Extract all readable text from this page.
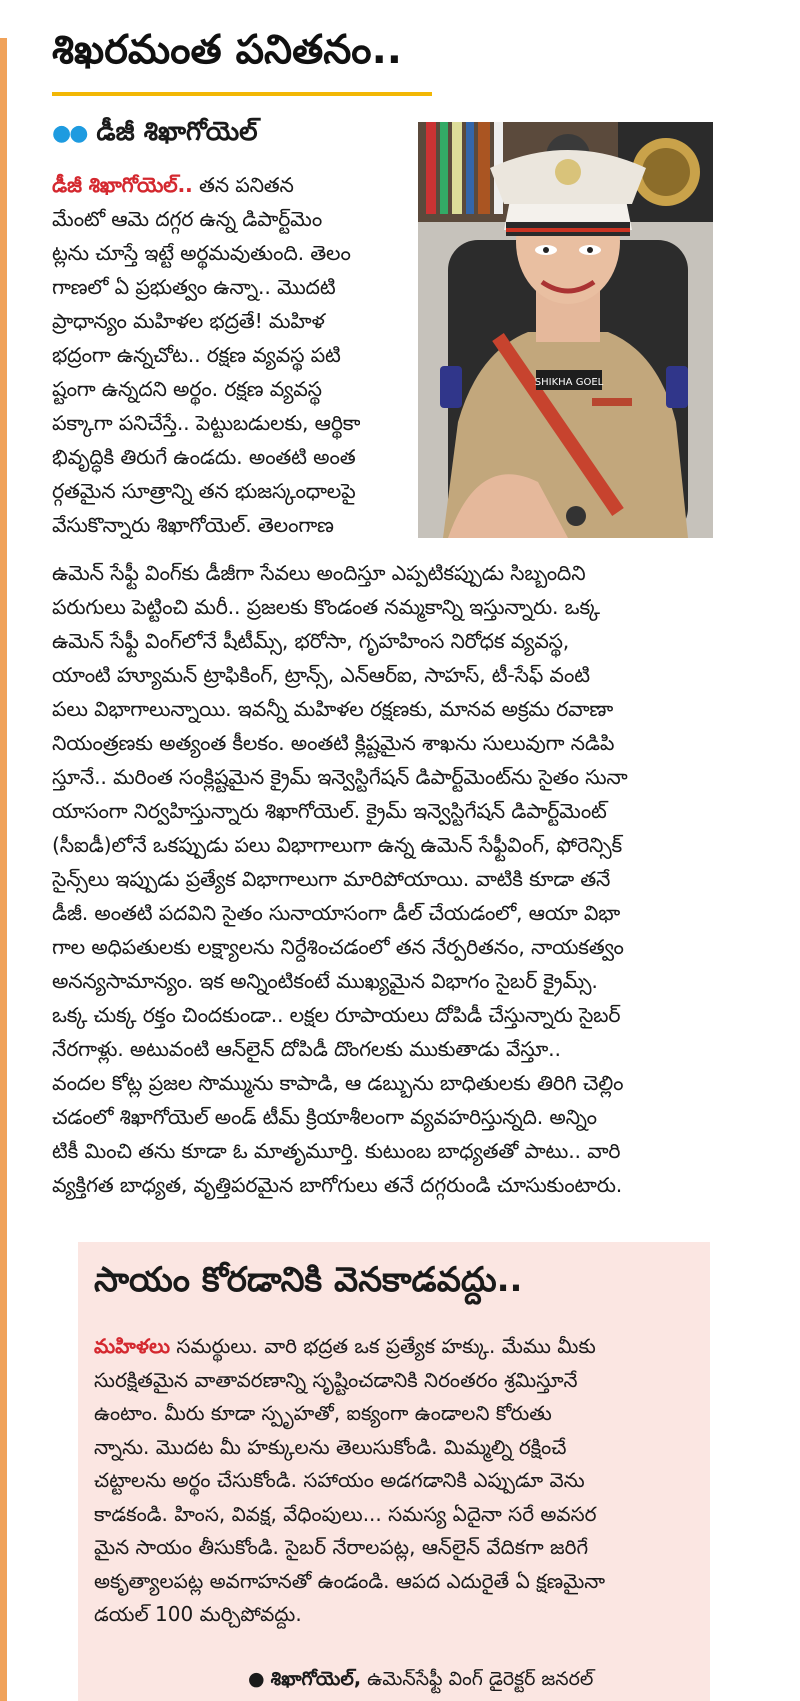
శిఖరమంత పనితనం..
●● డీజీ శిఖాగోయెల్
SHIKHA GOEL
డీజీ శిఖాగోయెల్.. తన పనితన
మేంటో ఆమె దగ్గర ఉన్న డిపార్ట్‌మెం
ట్లను చూస్తే ఇట్టే అర్థమవుతుంది. తెలం
గాణలో ఏ ప్రభుత్వం ఉన్నా.. మొదటి
ప్రాధాన్యం మహిళల భద్రతే! మహిళ
భద్రంగా ఉన్నచోట.. రక్షణ వ్యవస్థ పటి
ష్టంగా ఉన్నదని అర్థం. రక్షణ వ్యవస్థ
పక్కాగా పనిచేస్తే.. పెట్టుబడులకు, ఆర్థికా
భివృద్ధికి తిరుగే ఉండదు. అంతటి అంత
ర్గతమైన సూత్రాన్ని తన భుజస్కంధాలపై
వేసుకొన్నారు శిఖాగోయెల్. తెలంగాణ
ఉమెన్ సేఫ్టీ వింగ్‌కు డీజీగా సేవలు అందిస్తూ ఎప్పటికప్పుడు సిబ్బందిని
పరుగులు పెట్టించి మరీ.. ప్రజలకు కొండంత నమ్మకాన్ని ఇస్తున్నారు. ఒక్క
ఉమెన్ సేఫ్టీ వింగ్‌లోనే షీటీమ్స్, భరోసా, గృహహింస నిరోధక వ్యవస్థ,
యాంటి హ్యూమన్ ట్రాఫికింగ్, ట్రాన్స్, ఎన్ఆర్ఐ, సాహస్, టీ-సేఫ్ వంటి
పలు విభాగాలున్నాయి. ఇవన్నీ మహిళల రక్షణకు, మానవ అక్రమ రవాణా
నియంత్రణకు అత్యంత కీలకం. అంతటి క్లిష్టమైన శాఖను సులువుగా నడిపి
స్తూనే.. మరింత సంక్లిష్టమైన క్రైమ్ ఇన్వెస్టిగేషన్ డిపార్ట్‌మెంట్‌ను సైతం సునా
యాసంగా నిర్వహిస్తున్నారు శిఖాగోయెల్. క్రైమ్ ఇన్వెస్టిగేషన్ డిపార్ట్‌మెంట్
(సీఐడీ)లోనే ఒకప్పుడు పలు విభాగాలుగా ఉన్న ఉమెన్ సేఫ్టీవింగ్, ఫోరెన్సిక్
సైన్స్‌లు ఇప్పుడు ప్రత్యేక విభాగాలుగా మారిపోయాయి. వాటికి కూడా తనే
డీజీ. అంతటి పదవిని సైతం సునాయాసంగా డీల్ చేయడంలో, ఆయా విభా
గాల అధిపతులకు లక్ష్యాలను నిర్దేశించడంలో తన నేర్పరితనం, నాయకత్వం
అనన్యసామాన్యం. ఇక అన్నింటికంటే ముఖ్యమైన విభాగం సైబర్ క్రైమ్స్.
ఒక్క చుక్క రక్తం చిందకుండా.. లక్షల రూపాయలు దోపిడీ చేస్తున్నారు సైబర్
నేరగాళ్లు. అటువంటి ఆన్‌లైన్ దోపిడీ దొంగలకు ముకుతాడు వేస్తూ..
వందల కోట్ల ప్రజల సొమ్మును కాపాడి, ఆ డబ్బును బాధితులకు తిరిగి చెల్లిం
చడంలో శిఖాగోయెల్ అండ్ టీమ్ క్రియాశీలంగా వ్యవహరిస్తున్నది. అన్నిం
టికీ మించి తను కూడా ఓ మాతృమూర్తి. కుటుంబ బాధ్యతతో పాటు.. వారి
వ్యక్తిగత బాధ్యత, వృత్తిపరమైన బాగోగులు తనే దగ్గరుండి చూసుకుంటారు.
సాయం కోరడానికి వెనకాడవద్దు..
మహిళలు సమర్థులు. వారి భద్రత ఒక ప్రత్యేక హక్కు. మేము మీకు
సురక్షితమైన వాతావరణాన్ని సృష్టించడానికి నిరంతరం శ్రమిస్తూనే
ఉంటాం. మీరు కూడా స్పృహతో, ఐక్యంగా ఉండాలని కోరుతు
న్నాను. మొదట మీ హక్కులను తెలుసుకోండి. మిమ్మల్ని రక్షించే
చట్టాలను అర్థం చేసుకోండి. సహాయం అడగడానికి ఎప్పుడూ వెను
కాడకండి. హింస, వివక్ష, వేధింపులు... సమస్య ఏదైనా సరే అవసర
మైన సాయం తీసుకోండి. సైబర్ నేరాలపట్ల, ఆన్‌లైన్ వేదికగా జరిగే
అకృత్యాలపట్ల అవగాహనతో ఉండండి. ఆపద ఎదురైతే ఏ క్షణమైనా
డయల్ 100 మర్చిపోవద్దు.
● శిఖాగోయెల్, ఉమెన్‌సేఫ్టీ వింగ్ డైరెక్టర్ జనరల్
